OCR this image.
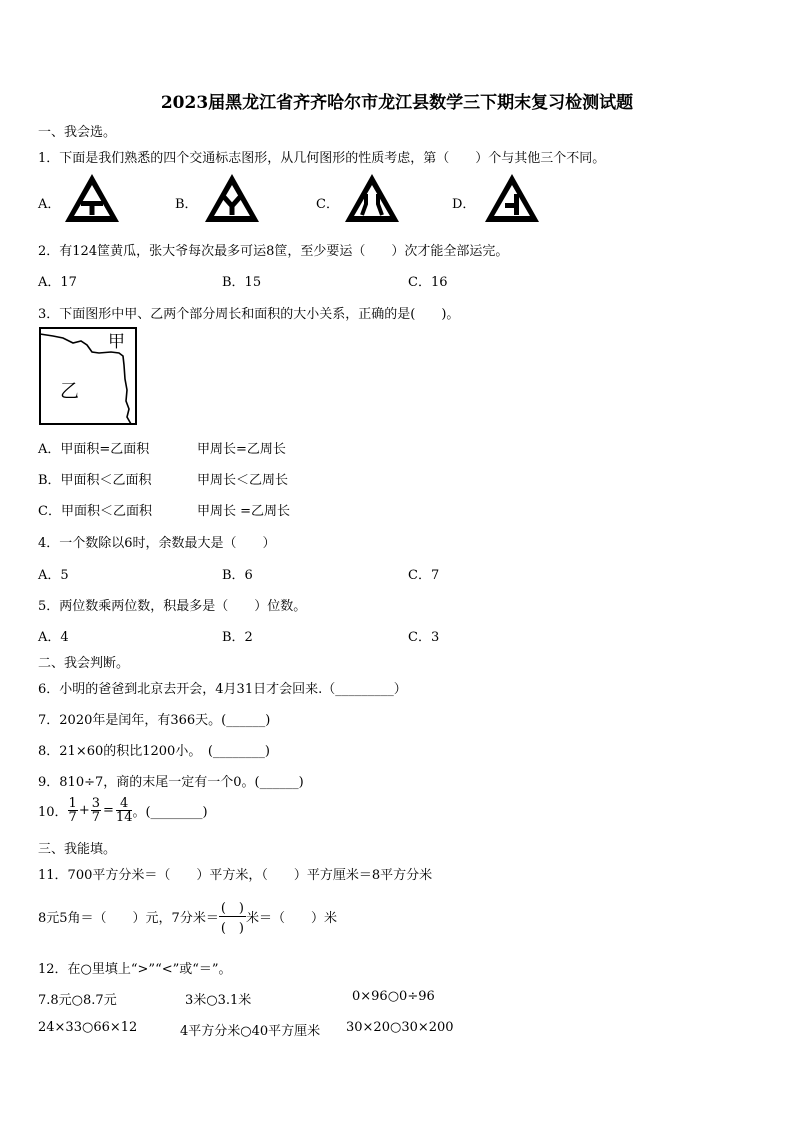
2023届黑龙江省齐齐哈尔市龙江县数学三下期末复习检测试题
一、我会选。
1．下面是我们熟悉的四个交通标志图形，从几何图形的性质考虑，第（　　）个与其他三个不同。
A．	B．	C．	D．
2．有124筐黄瓜，张大爷每次最多可运8筐，至少要运（　　）次才能全部运完。
A．17	B．15	C．16
3．下面图形中甲、乙两个部分周长和面积的大小关系，正确的是(　　)。
甲
乙
A．甲面积=乙面积	甲周长=乙周长
B．甲面积＜乙面积	甲周长＜乙周长
C．甲面积＜乙面积	甲周长 =乙周长
4．一个数除以6时，余数最大是（　　）
A．5	B．6	C．7
5．两位数乘两位数，积最多是（　　）位数。
A．4	B．2	C．3
二、我会判断。
6．小明的爸爸到北京去开会，4月31日才会回来.（_________）
7．2020年是闰年，有366天。(______)
8．21×60的积比1200小。　(________)
9．810÷7，商的末尾一定有一个0。(______)
10． $\frac{1}{7} + \frac{3}{7} = \frac{4}{14}$ 。(________)
三、我能填。
11．700平方分米＝（　　）平方米，（　　）平方厘米＝8平方分米
8元5角＝（　　）元，7分米＝ $\frac{( )}{( )}$ 米＝（　　）米
12．在○里填上“>”“<”或“＝”。
7.8元○8.7元	3米○3.1米	0×96○0÷96
24×33○66×12	4平方分米○40平方厘米 30×20○30×200
